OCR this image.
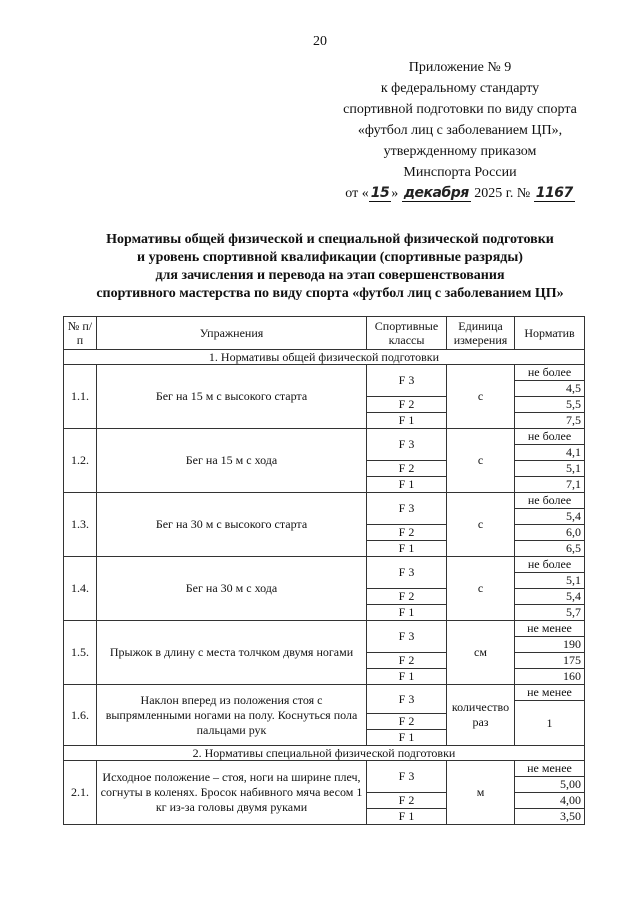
20
Приложение № 9
к федеральному стандарту
спортивной подготовки по виду спорта
«футбол лиц с заболеванием ЦП»,
утвержденному приказом
Минспорта России
от « 15 » декабря 2025 г. № 1167
Нормативы общей физической и специальной физической подготовки
и уровень спортивной квалификации (спортивные разряды)
для зачисления и перевода на этап совершенствования
спортивного мастерства по виду спорта «футбол лиц с заболеванием ЦП»
№ п/п	Упражнения	Спортивные классы	Единица измерения	Норматив
1. Нормативы общей физической подготовки				
1.1.	Бег на 15 м с высокого старта	F 3	с	не более
				4,5
		F 2		5,5
		F 1		7,5
1.2.	Бег на 15 м с хода	F 3	с	не более
				4,1
		F 2		5,1
		F 1		7,1
1.3.	Бег на 30 м с высокого старта	F 3	с	не более
				5,4
		F 2		6,0
		F 1		6,5
1.4.	Бег на 30 м с хода	F 3	с	не более
				5,1
		F 2		5,4
		F 1		5,7
1.5.	Прыжок в длину с места толчком двумя ногами	F 3	см	не менее
				190
		F 2		175
		F 1		160
1.6.	Наклон вперед из положения стоя с выпрямленными ногами на полу. Коснуться пола пальцами рук	F 3	количество раз	не менее
				1
		F 2		
		F 1		
2. Нормативы специальной физической подготовки				
2.1.	Исходное положение – стоя, ноги на ширине плеч, согнуты в коленях. Бросок набивного мяча весом 1 кг из-за головы двумя руками	F 3	м	не менее
				5,00
		F 2		4,00
		F 1		3,50
